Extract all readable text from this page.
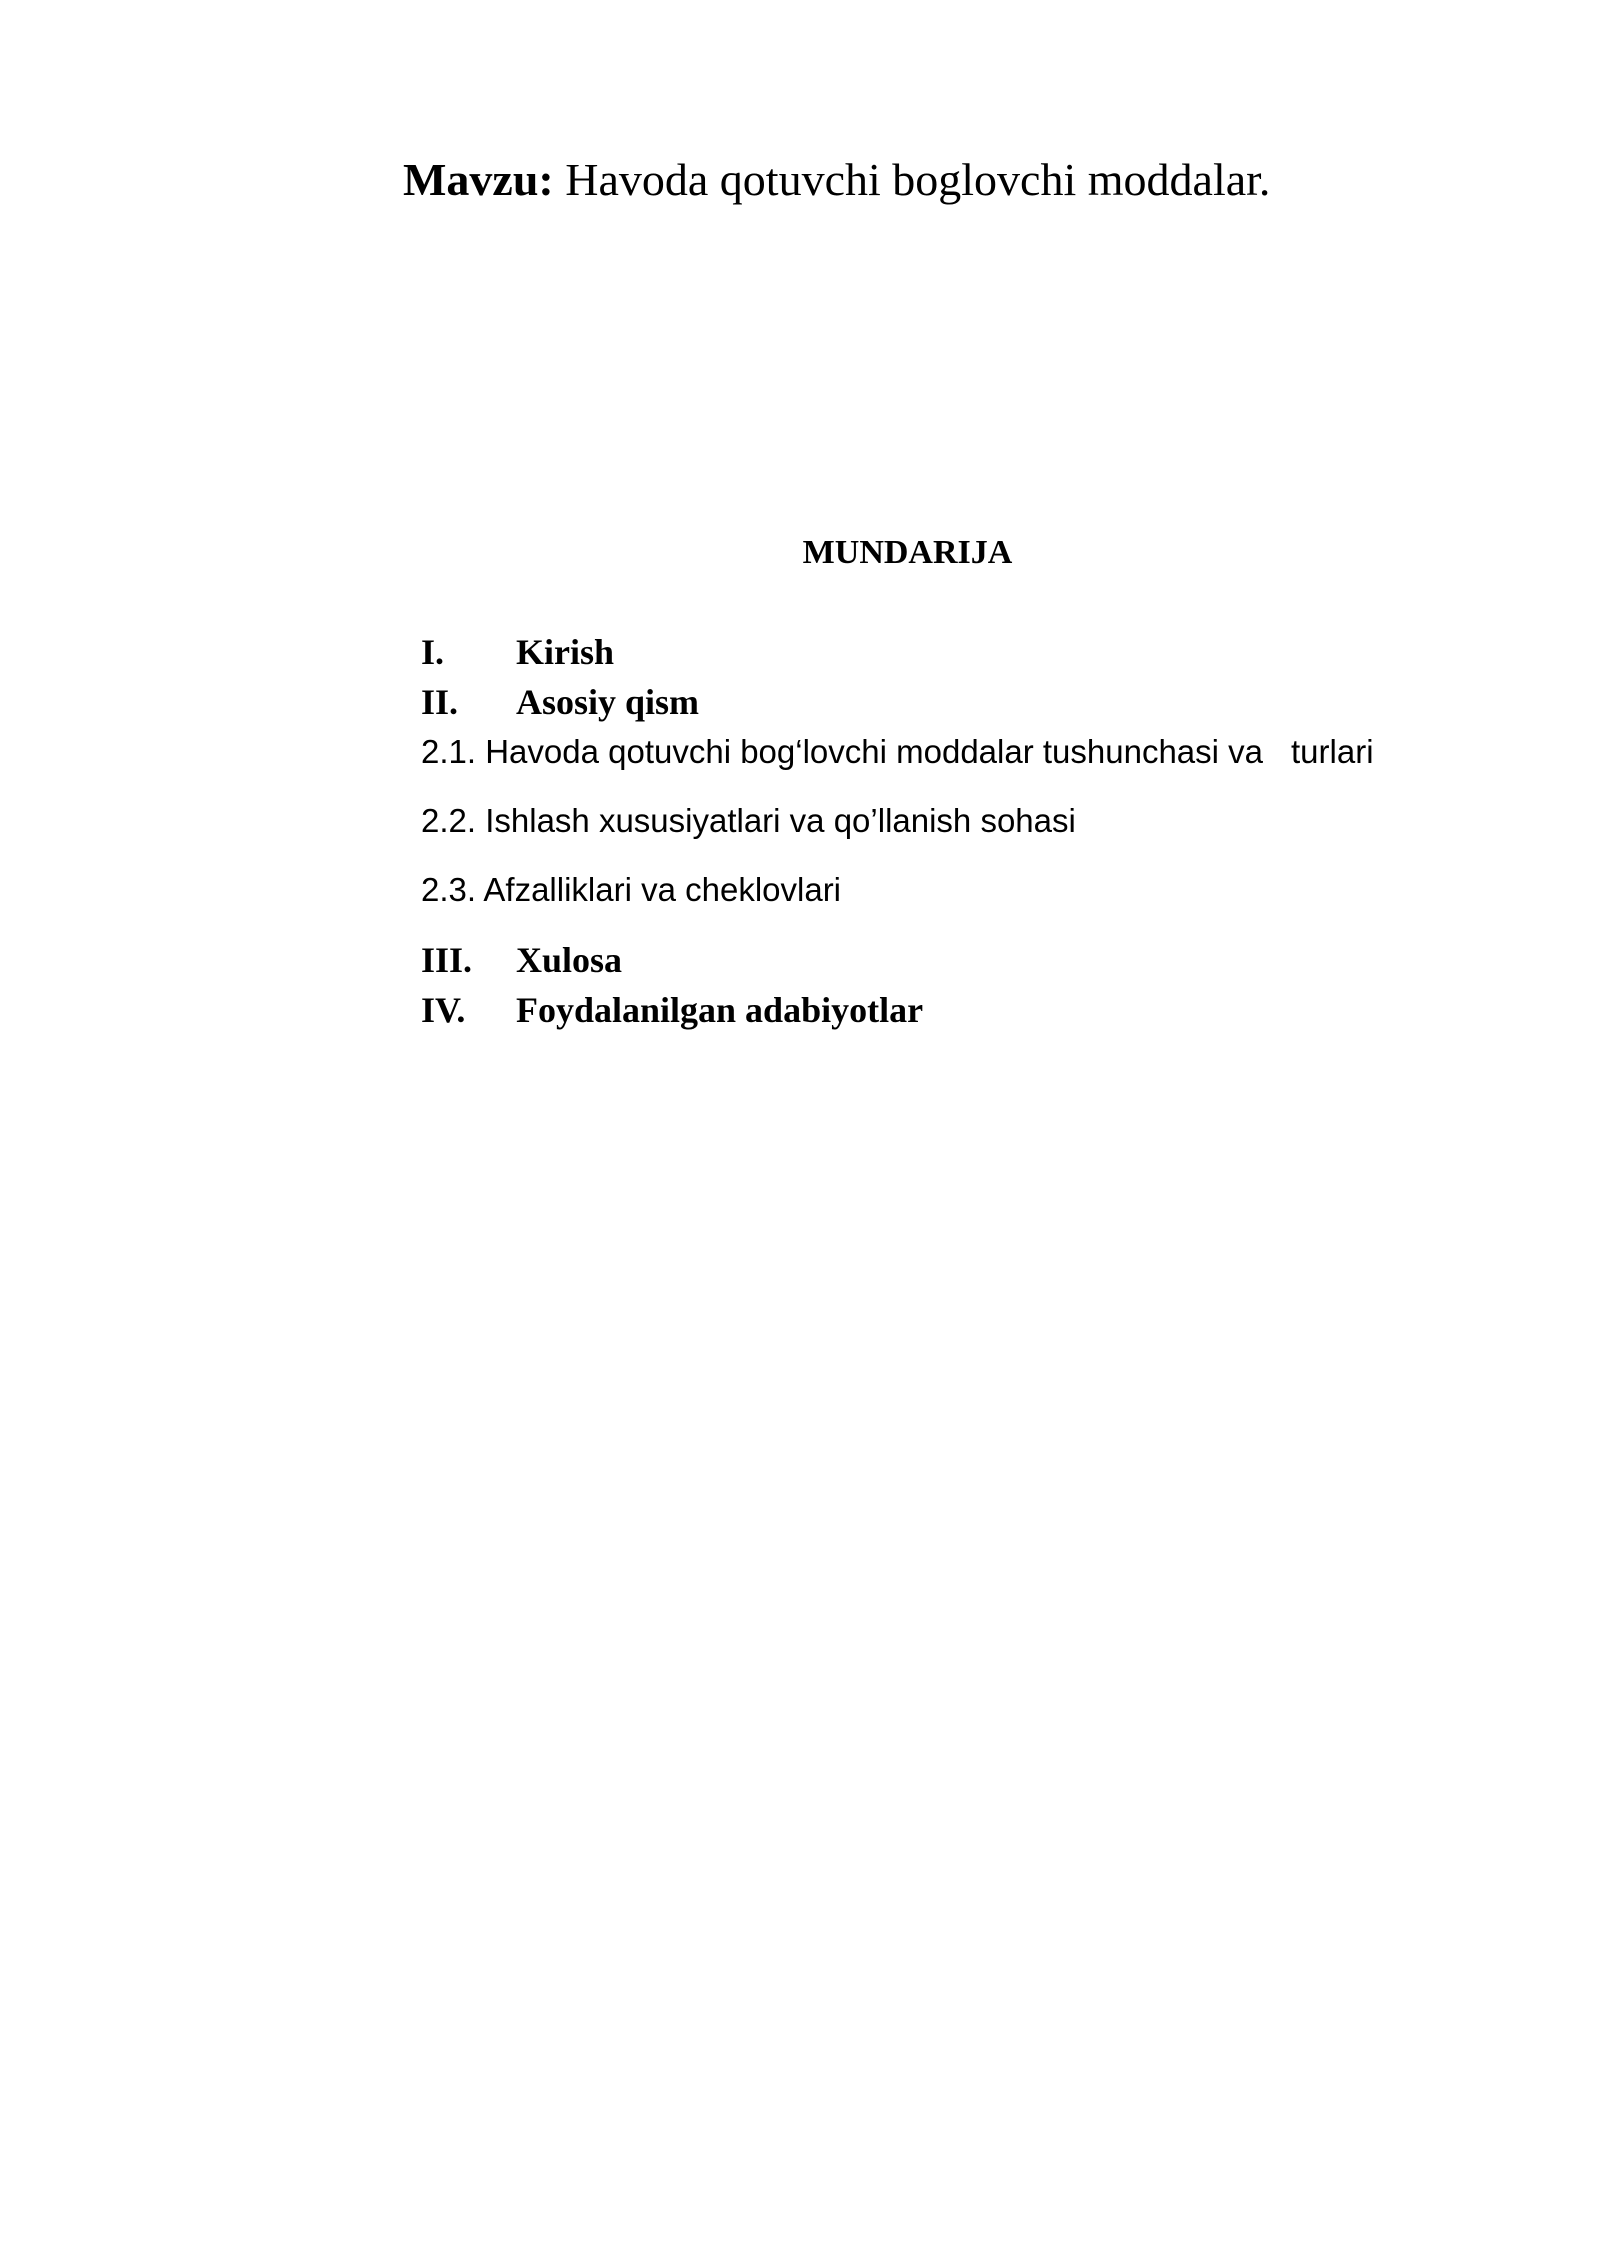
Mavzu: Havoda qotuvchi boglovchi moddalar.
MUNDARIJA
I. Kirish
II. Asosiy qism
2.1. Havoda qotuvchi bog‘lovchi moddalar tushunchasi va turlari
2.2. Ishlash xususiyatlari va qo’llanish sohasi
2.3. Afzalliklari va cheklovlari
III. Xulosa
IV. Foydalanilgan adabiyotlar
